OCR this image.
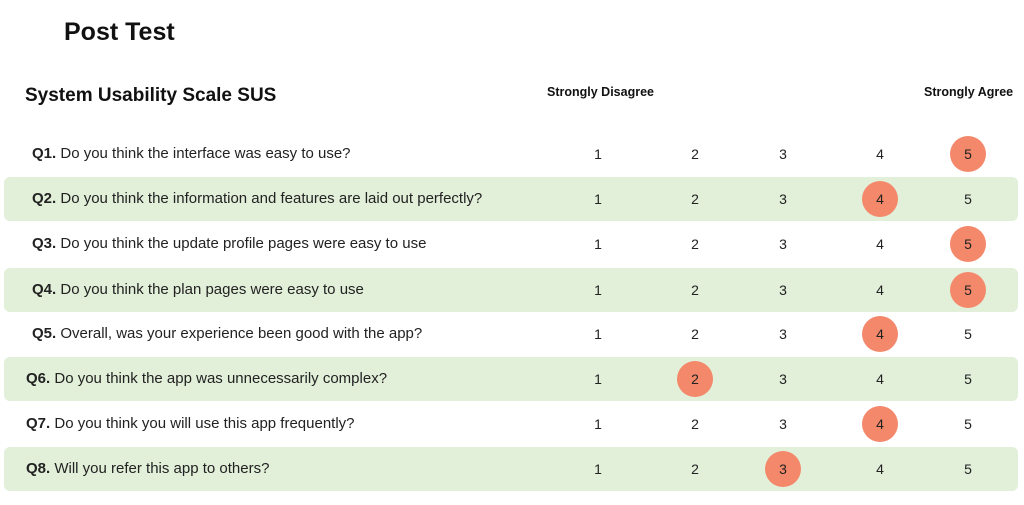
Post Test
System Usability Scale SUS	Strongly Disagree	Strongly Agree
Q1. Do you think the interface was easy to use?	1	2	3	4	5
Q2. Do you think the information and features are laid out perfectly?	1	2	3	4	5
Q3. Do you think the update profile pages were easy to use	1	2	3	4	5
Q4. Do you think the plan pages were easy to use	1	2	3	4	5
Q5. Overall, was your experience been good with the app?	1	2	3	4	5
Q6. Do you think the app was unnecessarily complex?	1	2	3	4	5
Q7. Do you think you will use this app frequently?	1	2	3	4	5
Q8. Will you refer this app to others?	1	2	3	4	5
